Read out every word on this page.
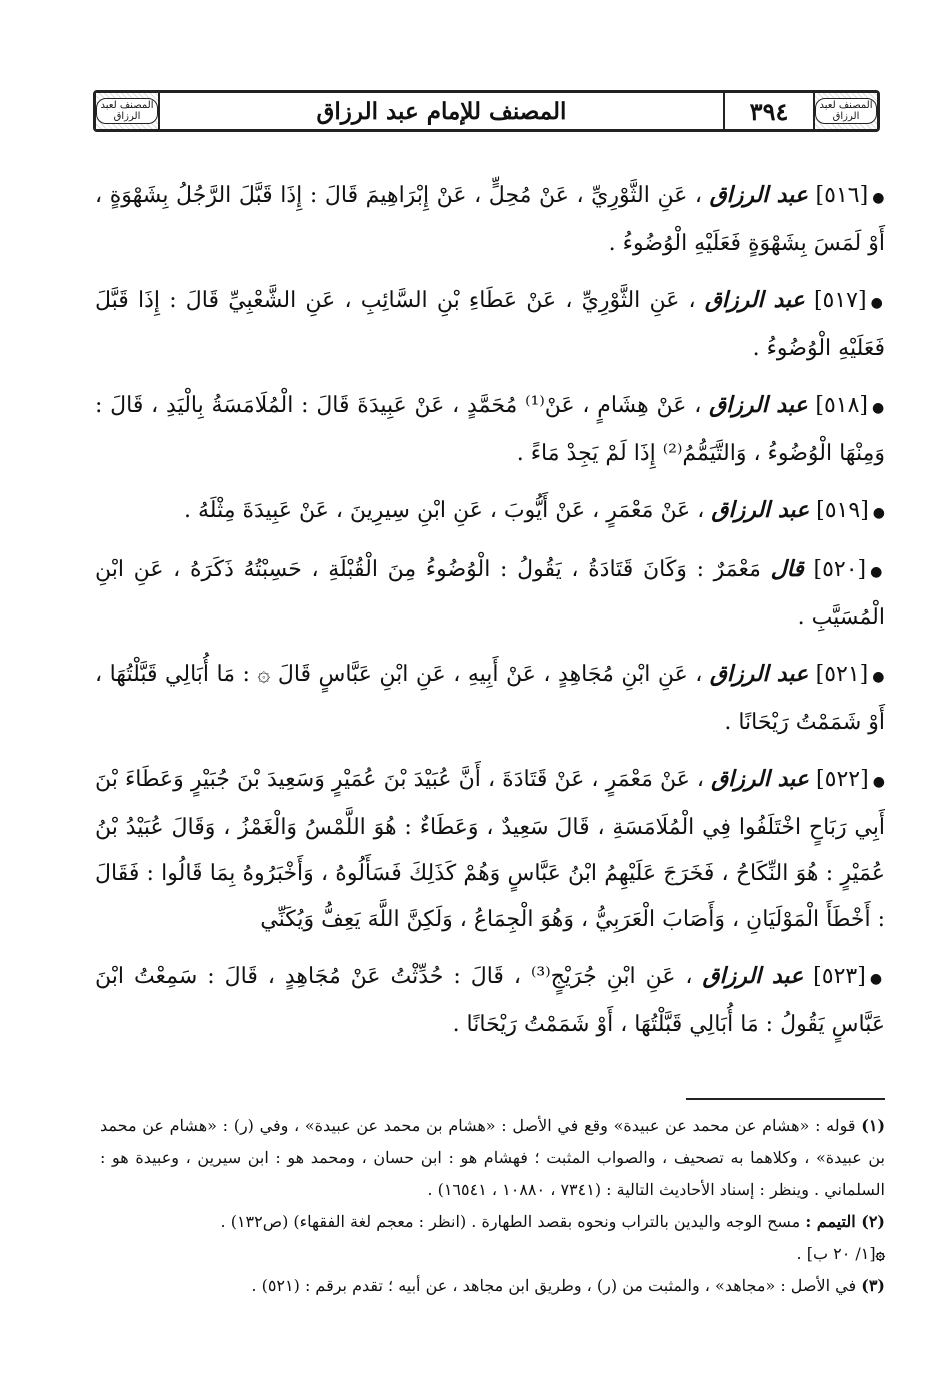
المصنف لعبد الرزاق	المصنف للإمام عبد الرزاق	٣٩٤	المصنف لعبد الرزاق

●[٥١٦] عبد الرزاق ، عَنِ الثَّوْرِيِّ ، عَنْ مُحِلٍّ ، عَنْ إِبْرَاهِيمَ قَالَ : إِذَا قَبَّلَ الرَّجُلُ بِشَهْوَةٍ ، أَوْ لَمَسَ بِشَهْوَةٍ فَعَلَيْهِ الْوُضُوءُ .

●[٥١٧] عبد الرزاق ، عَنِ الثَّوْرِيِّ ، عَنْ عَطَاءِ بْنِ السَّائِبِ ، عَنِ الشَّعْبِيِّ قَالَ : إِذَا قَبَّلَ فَعَلَيْهِ الْوُضُوءُ .

●[٥١٨] عبد الرزاق ، عَنْ هِشَامٍ ، عَنْ⁽¹⁾ مُحَمَّدٍ ، عَنْ عَبِيدَةَ قَالَ : الْمُلَامَسَةُ بِالْيَدِ ، قَالَ : وَمِنْهَا الْوُضُوءُ ، وَالتَّيَمُّمُ⁽²⁾ إِذَا لَمْ يَجِدْ مَاءً .

●[٥١٩] عبد الرزاق ، عَنْ مَعْمَرٍ ، عَنْ أَيُّوبَ ، عَنِ ابْنِ سِيرِينَ ، عَنْ عَبِيدَةَ مِثْلَهُ .

●[٥٢٠] قال مَعْمَرٌ : وَكَانَ قَتَادَةُ ، يَقُولُ : الْوُضُوءُ مِنَ الْقُبْلَةِ ، حَسِبْتُهُ ذَكَرَهُ ، عَنِ ابْنِ الْمُسَيَّبِ .

●[٥٢١] عبد الرزاق ، عَنِ ابْنِ مُجَاهِدٍ ، عَنْ أَبِيهِ ، عَنِ ابْنِ عَبَّاسٍ قَالَ ۞ : مَا أُبَالِي قَبَّلْتُهَا ، أَوْ شَمَمْتُ رَيْحَانًا .

●[٥٢٢] عبد الرزاق ، عَنْ مَعْمَرٍ ، عَنْ قَتَادَةَ ، أَنَّ عُبَيْدَ بْنَ عُمَيْرٍ وَسَعِيدَ بْنَ جُبَيْرٍ وَعَطَاءَ بْنَ أَبِي رَبَاحٍ اخْتَلَفُوا فِي الْمُلَامَسَةِ ، قَالَ سَعِيدٌ ، وَعَطَاءٌ : هُوَ اللَّمْسُ وَالْغَمْزُ ، وَقَالَ عُبَيْدُ بْنُ عُمَيْرٍ : هُوَ النِّكَاحُ ، فَخَرَجَ عَلَيْهِمُ ابْنُ عَبَّاسٍ وَهُمْ كَذَلِكَ فَسَأَلُوهُ ، وَأَخْبَرُوهُ بِمَا قَالُوا : فَقَالَ : أَخْطَأَ الْمَوْلَيَانِ ، وَأَصَابَ الْعَرَبِيُّ ، وَهُوَ الْجِمَاعُ ، وَلَكِنَّ اللَّهَ يَعِفُّ وَيُكَنِّي

●[٥٢٣] عبد الرزاق ، عَنِ ابْنِ جُرَيْجٍ⁽³⁾ ، قَالَ : حُدِّثْتُ عَنْ مُجَاهِدٍ ، قَالَ : سَمِعْتُ ابْنَ عَبَّاسٍ يَقُولُ : مَا أُبَالِي قَبَّلْتُهَا ، أَوْ شَمَمْتُ رَيْحَانًا .

(١) قوله : «هشام عن محمد عن عبيدة» وقع في الأصل : «هشام بن محمد عن عبيدة» ، وفي (ر) : «هشام عن محمد بن عبيدة» ، وكلاهما به تصحيف ، والصواب المثبت ؛ فهشام هو : ابن حسان ، ومحمد هو : ابن سيرين ، وعبيدة هو : السلماني . وينظر : إسناد الأحاديث التالية : (٧٣٤١ ، ١٠٨٨٠ ، ١٦٥٤١) .

(٢) التيمم : مسح الوجه واليدين بالتراب ونحوه بقصد الطهارة . (انظر : معجم لغة الفقهاء) (ص١٣٢) .

۞[١/ ٢٠ ب] .

(٣) في الأصل : «مجاهد» ، والمثبت من (ر) ، وطريق ابن مجاهد ، عن أبيه ؛ تقدم برقم : (٥٢١) .
